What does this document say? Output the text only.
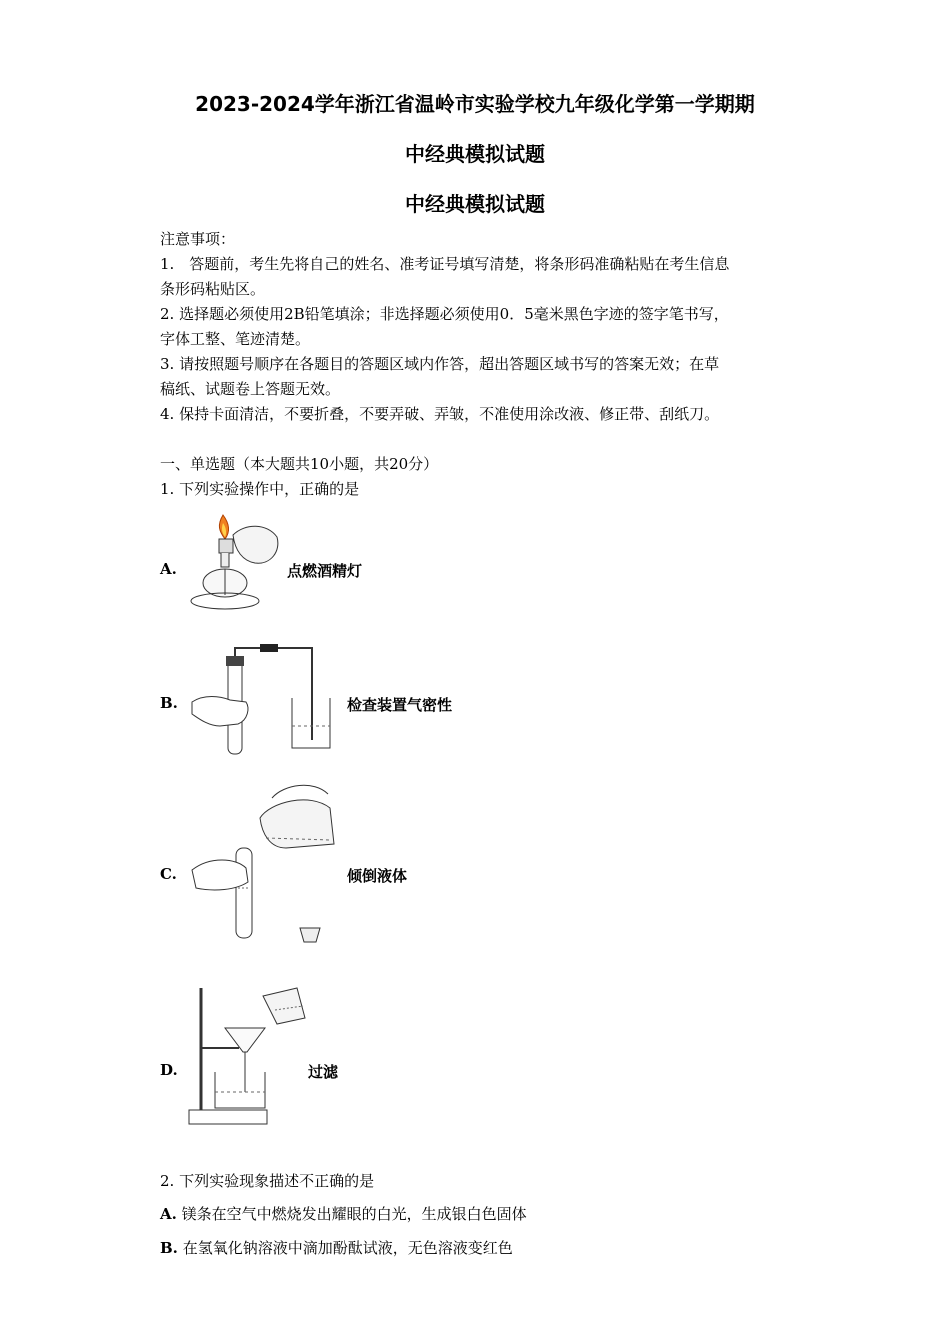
2023-2024学年浙江省温岭市实验学校九年级化学第一学期期
中经典模拟试题
中经典模拟试题
注意事项：
1.　答题前，考生先将自己的姓名、准考证号填写清楚，将条形码准确粘贴在考生信息
条形码粘贴区。
2. 选择题必须使用2B铅笔填涂；非选择题必须使用0．5毫米黑色字迹的签字笔书写，
字体工整、笔迹清楚。
3. 请按照题号顺序在各题目的答题区域内作答，超出答题区域书写的答案无效；在草
稿纸、试题卷上答题无效。
4. 保持卡面清洁，不要折叠，不要弄破、弄皱，不准使用涂改液、修正带、刮纸刀。
一、单选题（本大题共10小题，共20分）
1. 下列实验操作中，正确的是
A.	点燃酒精灯
B.	检查装置气密性
C.	倾倒液体
D.	过滤
2. 下列实验现象描述不正确的是
A. 镁条在空气中燃烧发出耀眼的白光，生成银白色固体
B. 在氢氧化钠溶液中滴加酚酞试液，无色溶液变红色
